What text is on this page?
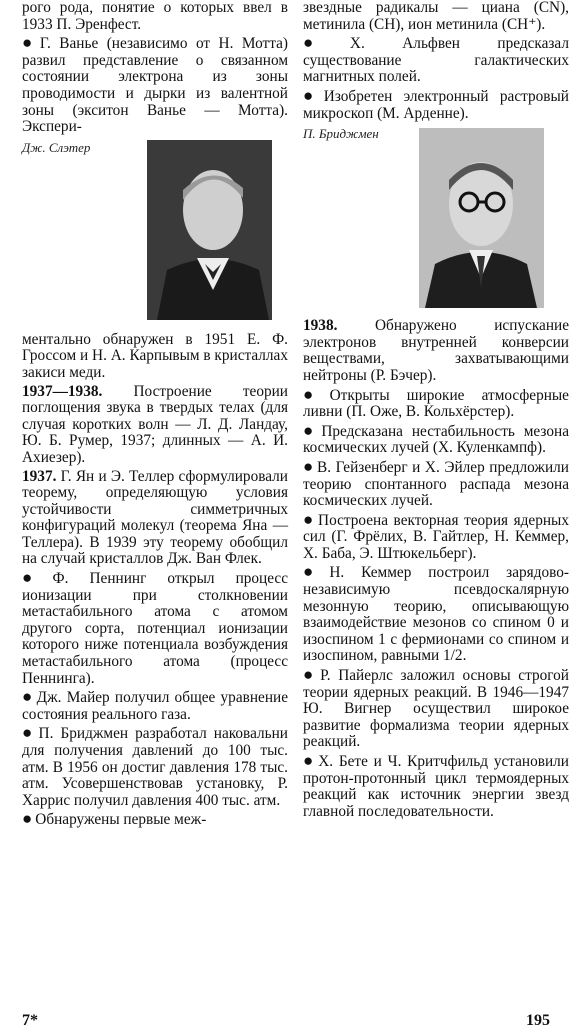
рого рода, понятие о которых ввел в 1933 П. Эренфест.

● Г. Ванье (независимо от Н. Мотта) развил представление о связанном состоянии электрона из зоны проводимости и дырки из валентной зоны (экситон Ванье — Мотта). Экспери-

Дж. Слэтер

ментально обнаружен в 1951 Е. Ф. Гроссом и Н. А. Карпывым в кристаллах закиси меди.

1937—1938. Построение теории поглощения звука в твердых телах (для случая коротких волн — Л. Д. Ландау, Ю. Б. Румер, 1937; длинных — А. И. Ахиезер).

1937. Г. Ян и Э. Теллер сформулировали теорему, определяющую условия устойчивости симметричных конфигураций молекул (теорема Яна — Теллера). В 1939 эту теорему обобщил на случай кристаллов Дж. Ван Флек.

● Ф. Пеннинг открыл процесс ионизации при столкновении метастабильного атома с атомом другого сорта, потенциал ионизации которого ниже потенциала возбуждения метастабильного атома (процесс Пеннинга).

● Дж. Майер получил общее уравнение состояния реального газа.

● П. Бриджмен разработал наковальни для получения давлений до 100 тыс. атм. В 1956 он достиг давления 178 тыс. атм. Усовершенствовав установку, Р. Харрис получил давления 400 тыс. атм.

● Обнаружены первые меж-

звездные радикалы — циана (CN), метинила (CH), ион метинила (CH⁺).

● Х. Альфвен предсказал существование галактических магнитных полей.

● Изобретен электронный растровый микроскоп (М. Арденне).

П. Бриджмен

1938. Обнаружено испускание электронов внутренней конверсии веществами, захватывающими нейтроны (Р. Бэчер).

● Открыты широкие атмосферные ливни (П. Оже, В. Кольхёрстер).

● Предсказана нестабильность мезона космических лучей (Х. Куленкампф).

● В. Гейзенберг и Х. Эйлер предложили теорию спонтанного распада мезона космических лучей.

● Построена векторная теория ядерных сил (Г. Фрёлих, В. Гайтлер, Н. Кеммер, Х. Баба, Э. Штюкельберг).

● Н. Кеммер построил зарядово-независимую псевдоскалярную мезонную теорию, описывающую взаимодействие мезонов со спином 0 и изоспином 1 с фермионами со спином и изоспином, равными 1/2.

● Р. Пайерлс заложил основы строгой теории ядерных реакций. В 1946—1947 Ю. Вигнер осуществил широкое развитие формализма теории ядерных реакций.

● Х. Бете и Ч. Критчфильд установили протон-протонный цикл термоядерных реакций как источник энергии звезд главной последовательности.

7*	195
